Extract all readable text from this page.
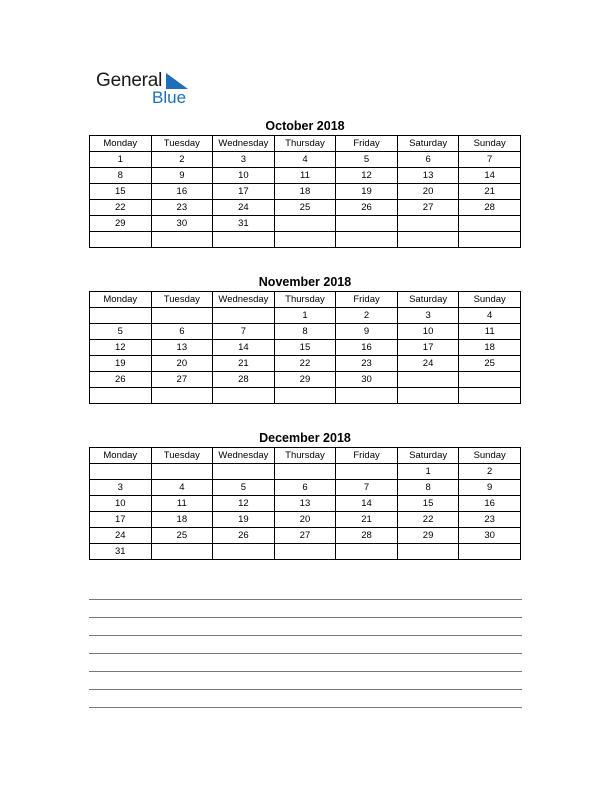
General
Blue
October 2018
Monday	Tuesday	Wednesday	Thursday	Friday	Saturday	Sunday
1	2	3	4	5	6	7
8	9	10	11	12	13	14
15	16	17	18	19	20	21
22	23	24	25	26	27	28
29	30	31				

November 2018
Monday	Tuesday	Wednesday	Thursday	Friday	Saturday	Sunday
			1	2	3	4
5	6	7	8	9	10	11
12	13	14	15	16	17	18
19	20	21	22	23	24	25
26	27	28	29	30		

December 2018
Monday	Tuesday	Wednesday	Thursday	Friday	Saturday	Sunday
					1	2
3	4	5	6	7	8	9
10	11	12	13	14	15	16
17	18	19	20	21	22	23
24	25	26	27	28	29	30
31						
